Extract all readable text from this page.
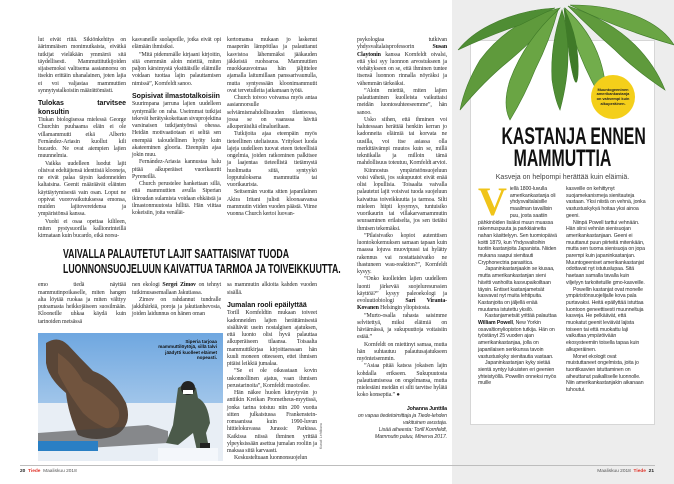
lut eivät riitä. Sikiönkehitys on äärimmäisen monimutkaista, eivätkä tutkijat vieläkään ymmärrä sitä täydellisesti. Mammuttitutkijoiden sijaisemoksi valitsema aasiannorsu on itsekin erittäin uhanalainen, joten lajia ei voi valjastaa mammuttien synnytystalkoisiin määrättömästi.

Tulokas tarvitsee konsultin

Tiukan biologisessa mielessä George Churchin puuhaama eläin ei ole villamammutti eikä Alberto Fernández-Ariasin kuollut kili bucardo. Ne ovat aiempien lajien muunnelmia.

Vaikka uudelleen luodut lajit olisivat edeltäjiensä identtisiä klooneja, ne eivät palaa täysin kadonneiden kaltaisina. Geenit määräävät eläinten käyttäytymisestä vain osan. Loput ne oppivat vuorovaikutuksessa emonsa, muiden lajitovereidensa ja ympäristönsä kanssa.

Vuohi ei osaa opettaa kilileen, miten pystysuorilla kallionrinteillä kirmataan kuin bucardo, eikä norsu-

kasvaneille suolapeille, jotka eivät opi elämään ihmisiksi.

”Mitä pidemmälle kirjaani kirjoitin, sitä enemmän aloin miettiä, miten paljon kärsimystä yksittäisille eläimille voidaan tuottaa lajin palauttamisen nimissä”, Kornfeldt sanoo.

Sopisivat ilmastotalkoisiin

Suurimpana jarruna lajien uudelleen syntymälle on raha. Useimmat tutkijat tekevät herätyskokeitaan sivuprojektina varsinaisen tutkijantyönsä ohessa. Heidän motivaatiotaan ei selitä sen enempää taloudellinen hyöty kuin akateeminen glooria. Eteenpäin ajaa jokin muu.

Fernández-Ariasia kannustaa halu pitää alkuperäiset vuorikauriit Pyreneillä.

Church perustelee hankettaan sillä, että mammuttien avulla Siperian ikiroudan sulamista voidaan ehkäistä ja ilmastonmuutosta hillitä. Hän viittaa kokeisiin, joita venäläi-

kertomansa mukaan jo laskenut maaperän lämpötilaa ja palauttanut kasvistoa lähemmäksi jääkauden jäkkeistä ruohoaroa. Mammuttien muokkausvoimaa hän jäljittelee ajamalla laitumillaan panssarivaunulla, mutta syntyessään kloonimammutit ovat tervetulleita jatkamaan työtä.

Church toivoo voivansa myös antaa aasiannorsulle selviämismahdollisuuden tilanteessa, jossa se on vaarassa hävitä alkuperäisiltä elinalueiltaan.

Tutkijoita ajaa eteenpäin myös tieteellinen uteliaisuus. Yritykset luoda lajeja uudelleen tuovat eteen tieteellisiä ongelmia, joiden ratkominen palkitsee ja laajentaa tieteellistä tietämystä huolimatta siitä, syntyykö lopputuloksena mammuttia tai vuorikaurista.

Seitsemän vuotta sitten japanilainen Akira Iritani julisti kloonaavansa mammutin viiden vuoden päästä. Viime vuonna Church kertoi luovan-

VAIVALLA PALAUTETUT LAJIT SAATTAISIVAT TUODA
LUONNONSUOJELUUN KAIVATTUA TARMOA JA TOIVEIKKUUTTA.

emo tiedä näyttää mammutinpoikaselle, miten hangen alta löytää ruokaa ja miten välttyy putoamasta heikkojäiseen suosilmään. Klooneille uhkaa käydä kuin tarinoiden metsässä

nen ekologi Sergei Zimov on tehnyt tutkimusasemallaan Jakutiassa.

Zimov on rahdannut tundralle jakkihärkiä, poroja ja jakutianhevosia, joiden laidunnus on hänen oman

sa mammutin alkioita kahden vuoden sisällä.

Jumalan rooli epäilyttää

Torill Kornfeldtin mukaan toiveet kadonneiden lajien herättämisestä sisältävät usein nostalgisen ajatuksen, että luonto olisi hyvä palauttaa alkuperäiseen tilaansa. Toisaalta mammuttikirjaa kirjoittaessaan hän kuuli moneen otteeseen, ettei ihmisen pitäisi leikkiä jumalaa.

”Se ei ole oikeastaan kovin uskonnollinen ajatus, vaan ihmisen perustarinoita”, Kornfeldt muotoilee.

Hän näkee huolen kiteytyvän jo antiikin Kreikan Prometheus-myytissä, jonka tarina toistuu niin 200 vuotta sitten julkaistussa Frankenstein-romaanissa kuin 1990-luvun hittielokuvassa Jurassic Parkissa. Kaikissa niissä ihminen yrittää ylpeyksissään asettua jumalan rooliin ja maksaa siitä karvaasti.

Keskusteltuaan luonnonsuojelun

Siperia tarjoaa mammuttilöytöjä, sillä talvi jäädytti kuolleet eläimet nopeasti.
Kuvat: Lehtikuva
20 Tiede Maaliskuu 2018

psykologiaa tutkivan yhdysvaltalaisprofessorin Susan Claytonin kanssa Kornfeldt oivalsi, että yksi syy luonnon arvostukseen ja viehätykseen on se, että ihminen tuntee itsensä luonnon rinnalla nöyräksi ja vähemmän tärkeäksi.

”Aloin miettiä, miten lajien palauttaminen kuolleista vaikuttaisi meidän luontosuhteeseemme”, hän sanoo.

Usko siihen, että ihminen voi halutessaan herättää henkiin kerran jo kadonneita eläimiä tai korvata ne uusilla, voi itse asiassa olla merkittävämpi muutos kuin se, millä tekniikalla ja milloin tämä mahdollisuus toteutuu, Kornfeldt arvioi.

Kiinnostus ympäristönsuojeluun voisi vähetä, jos sukupuutot eivät enää olisi lopullisia. Toisaalta vaivalla palautetut lajit voisivat tuoda suojeluun kaivattua toiveikkuutta ja tarmoa. Silti mieleen hiipii kysymys, tuntuisiko vuorikaurin tai villakarvamammutin seuraaminen erilaiselta, jos sen tietäisi ihmisen tekemäksi.

”Pilaisivatko kopiot autenttisen luontokokemuksen samaan tapaan kuin maassa lojuva muovipussi tai hylätty rakennus vai nostattaisivatko ne ihastuneen wau-reaktion?”, Kornfeldt kysyy.

”Onko kuolleiden lajien uudelleen luonti järkevää suojeluresurssien käyttöä?” kysyy paleoekologi ja evoluutiobiologi Sari Viranta-Kovanen Helsingin yliopistosta.

”Murto-osalla rahasta saisimme selvitettyä, miksi eläimiä on häviämässä, ja sukupuuttoja voitaisiin estää.”

Kornfeldt on miettinyt samaa, mutta hän suhtautuu palautusajatukseen myönteisemmin.

”Asiaa pitää katsoa jokaisen lajin kohdalla erikseen. Sukupuutosta palauttamisessa on ongelmansa, mutta mielestäni meidän ei silti tarvitse hylätä koko konseptia.” ●

Johanna Junttila
on vapaa tiedetoimittaja ja Tiede-lehden vakituinen avustaja.
Lisää aiheesta: Torill Kornfeldt, Mammutin paluu, Minerva 2017.
Muuntogeeninen amerikankastanja on vahvempi kuin alkuperäinen.
KASTANJA ENNEN
MAMMUTTIA
Kasveja on helpompi herättää kuin eläimiä.
V iellä 1800-luvulla amerikankastanja oli yhdysvaltalaisille maailman tavallisin puu, josta saatiin pähkinöiden lisäksi muun muassa rakennuspuuta ja parkkiaineita nahan käsittelyyn. Sen tuomiopäivä koitti 1879, kun Yhdysvaltoihin tuotiin kastanjoita Japanista. Niiden mukana saapui sienitauti Cryphonectria parasitica.

Japaninkastanjaakin se kiusaa, mutta amerikankastanjan sieni hävitti vanhoilta kasvupaikoiltaan täysin. Entiset kastanjametsät kasvavat nyt muita lehtipuita. Kastanjoita on jäljellä enää muutama istutettu yksilö.

Kastanjametsät yrittää palauttaa William Powell, New Yorkin osavaltionyliopiston tutkija. Hän on työstänyt 25 vuoden ajan amerikankastanjaa, jolla on japanilaisen serkkunsa tavoin vastustuskyky sienitautia vastaan.

Japaninkastanjan kyky sietää sientä syntyy lukuisten eri geenien yhteistyöllä. Powellin onneksi myös muille

kasveille on kehittynyt suojamekanismeja sienitauteja vastaan. Yksi niistä on vehnä, jonka vastustuskykyä hoitaa yksi ainoa geeni.

Niinpä Powell tarttui vehnään. Hän siirsi vehnän sienisuojan amerikankastanjaan. Geeni ei muuttanut puun piirteitä mitenkään, mutta sen tuoma sienisuoja on jopa parempi kuin japaninkastanjan. Muuntogeeniset amerikankastanjat odottavat nyt istutuslupaa. Sitä haetaan samalla tavalla kuin viljelyyn tarkoitetuille gmo-kasveille.

Powellin kastanjat ovat monelle ympäristönsuojelijalle kova pala purtavaksi. Heitä epäilyttää istuttaa luontoon geneettisesti muunneltuja kasveja. He pelkäävät, että muokatut geenit leviävät lajista toiseen tai että muokattu laji vaikuttaa ympäröivään ekosysteemiin toisella tapaa kuin alkuperäinen.

Monet ekologit ovat muistuttaneet ongelmista, joita jo tuontikasvien istuttaminen on aiheuttanut paikalliselle luonnolle. Niin amerikankastanjakin aikanaan tuhoutui.

Maaliskuu 2018 Tiede 21
